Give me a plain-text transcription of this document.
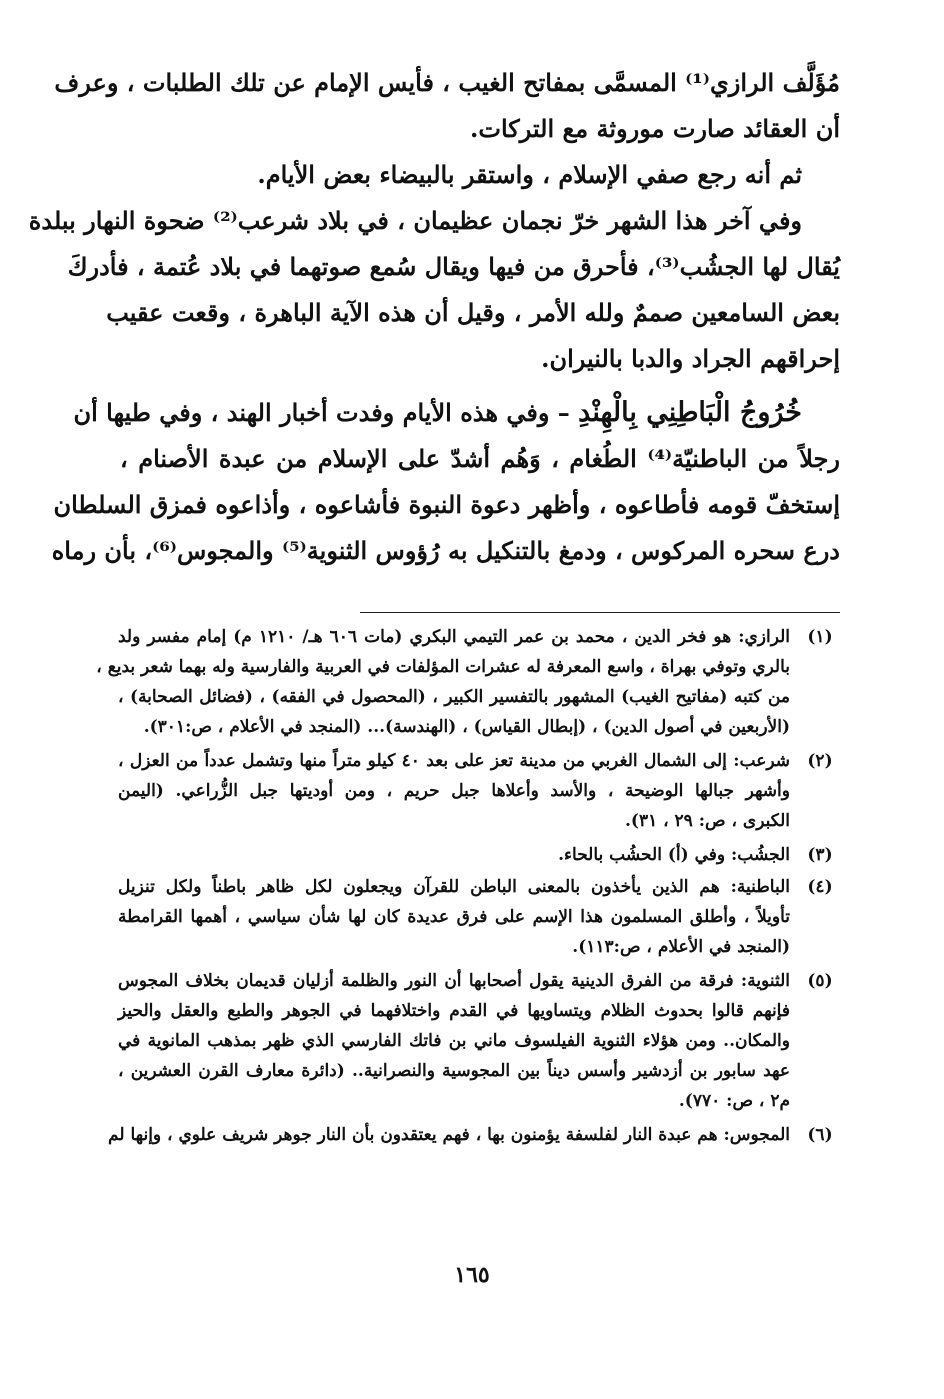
مُؤَلَّف الرازي⁽¹⁾ المسمَّى بمفاتح الغيب ، فأيس الإمام عن تلك الطلبات ، وعرف
أن العقائد صارت موروثة مع التركات.
ثم أنه رجع صفي الإسلام ، واستقر بالبيضاء بعض الأيام.
وفي آخر هذا الشهر خرّ نجمان عظيمان ، في بلاد شرعب⁽²⁾ ضحوة النهار ببلدة
يُقال لها الجشُب⁽³⁾، فأحرق من فيها ويقال سُمع صوتهما في بلاد عُتمة ، فأدركَ
بعض السامعين صممٌ ولله الأمر ، وقيل أن هذه الآية الباهرة ، وقعت عقيب
إحراقهم الجراد والدبا بالنيران.
خُرُوجُ الْبَاطِنِي بِالْهِنْدِ – وفي هذه الأيام وفدت أخبار الهند ، وفي طيها أن
رجلاً من الباطنيّة⁽⁴⁾ الطُغام ، وَهُم أشدّ على الإسلام من عبدة الأصنام ،
إستخفّ قومه فأطاعوه ، وأظهر دعوة النبوة فأشاعوه ، وأذاعوه فمزق السلطان
درع سحره المركوس ، ودمغ بالتنكيل به رُؤوس الثنوية⁽⁵⁾ والمجوس⁽⁶⁾، بأن رماه
(١)
الرازي: هو فخر الدين ، محمد بن عمر التيمي البكري (مات ٦٠٦ هـ/ ١٢١٠ م) إمام مفسر ولد
بالري وتوفي بهراة ، واسع المعرفة له عشرات المؤلفات في العربية والفارسية وله بهما شعر بديع ،
من كتبه (مفاتيح الغيب) المشهور بالتفسير الكبير ، (المحصول في الفقه) ، (فضائل الصحابة) ،
(الأربعين في أصول الدين) ، (إبطال القياس) ، (الهندسة)... (المنجد في الأعلام ، ص:٣٠١).
(٢)
شرعب: إلى الشمال الغربي من مدينة تعز على بعد ٤٠ كيلو متراً منها وتشمل عدداً من العزل ،
وأشهر جبالها الوضيحة ، والأسد وأعلاها جبل حريم ، ومن أوديتها جبل الزُّراعي. (اليمن
الكبرى ، ص: ٢٩ ، ٣١).
(٣)
الجشُب: وفي (أ) الحشُب بالحاء.
(٤)
الباطنية: هم الذين يأخذون بالمعنى الباطن للقرآن ويجعلون لكل ظاهر باطناً ولكل تنزيل
تأويلاً ، وأطلق المسلمون هذا الإسم على فرق عديدة كان لها شأن سياسي ، أهمها القرامطة
(المنجد في الأعلام ، ص:١١٣).
(٥)
الثنوية: فرقة من الفرق الدينية يقول أصحابها أن النور والظلمة أزليان قديمان بخلاف المجوس
فإنهم قالوا بحدوث الظلام ويتساويها في القدم واختلافهما في الجوهر والطبع والعقل والحيز
والمكان.. ومن هؤلاء الثنوية الفيلسوف ماني بن فاتك الفارسي الذي ظهر بمذهب المانوية في
عهد سابور بن أزدشير وأسس ديناً بين المجوسية والنصرانية.. (دائرة معارف القرن العشرين ،
م٢ ، ص: ٧٧٠).
(٦)
المجوس: هم عبدة النار لفلسفة يؤمنون بها ، فهم يعتقدون بأن النار جوهر شريف علوي ، وإنها لم
١٦٥
